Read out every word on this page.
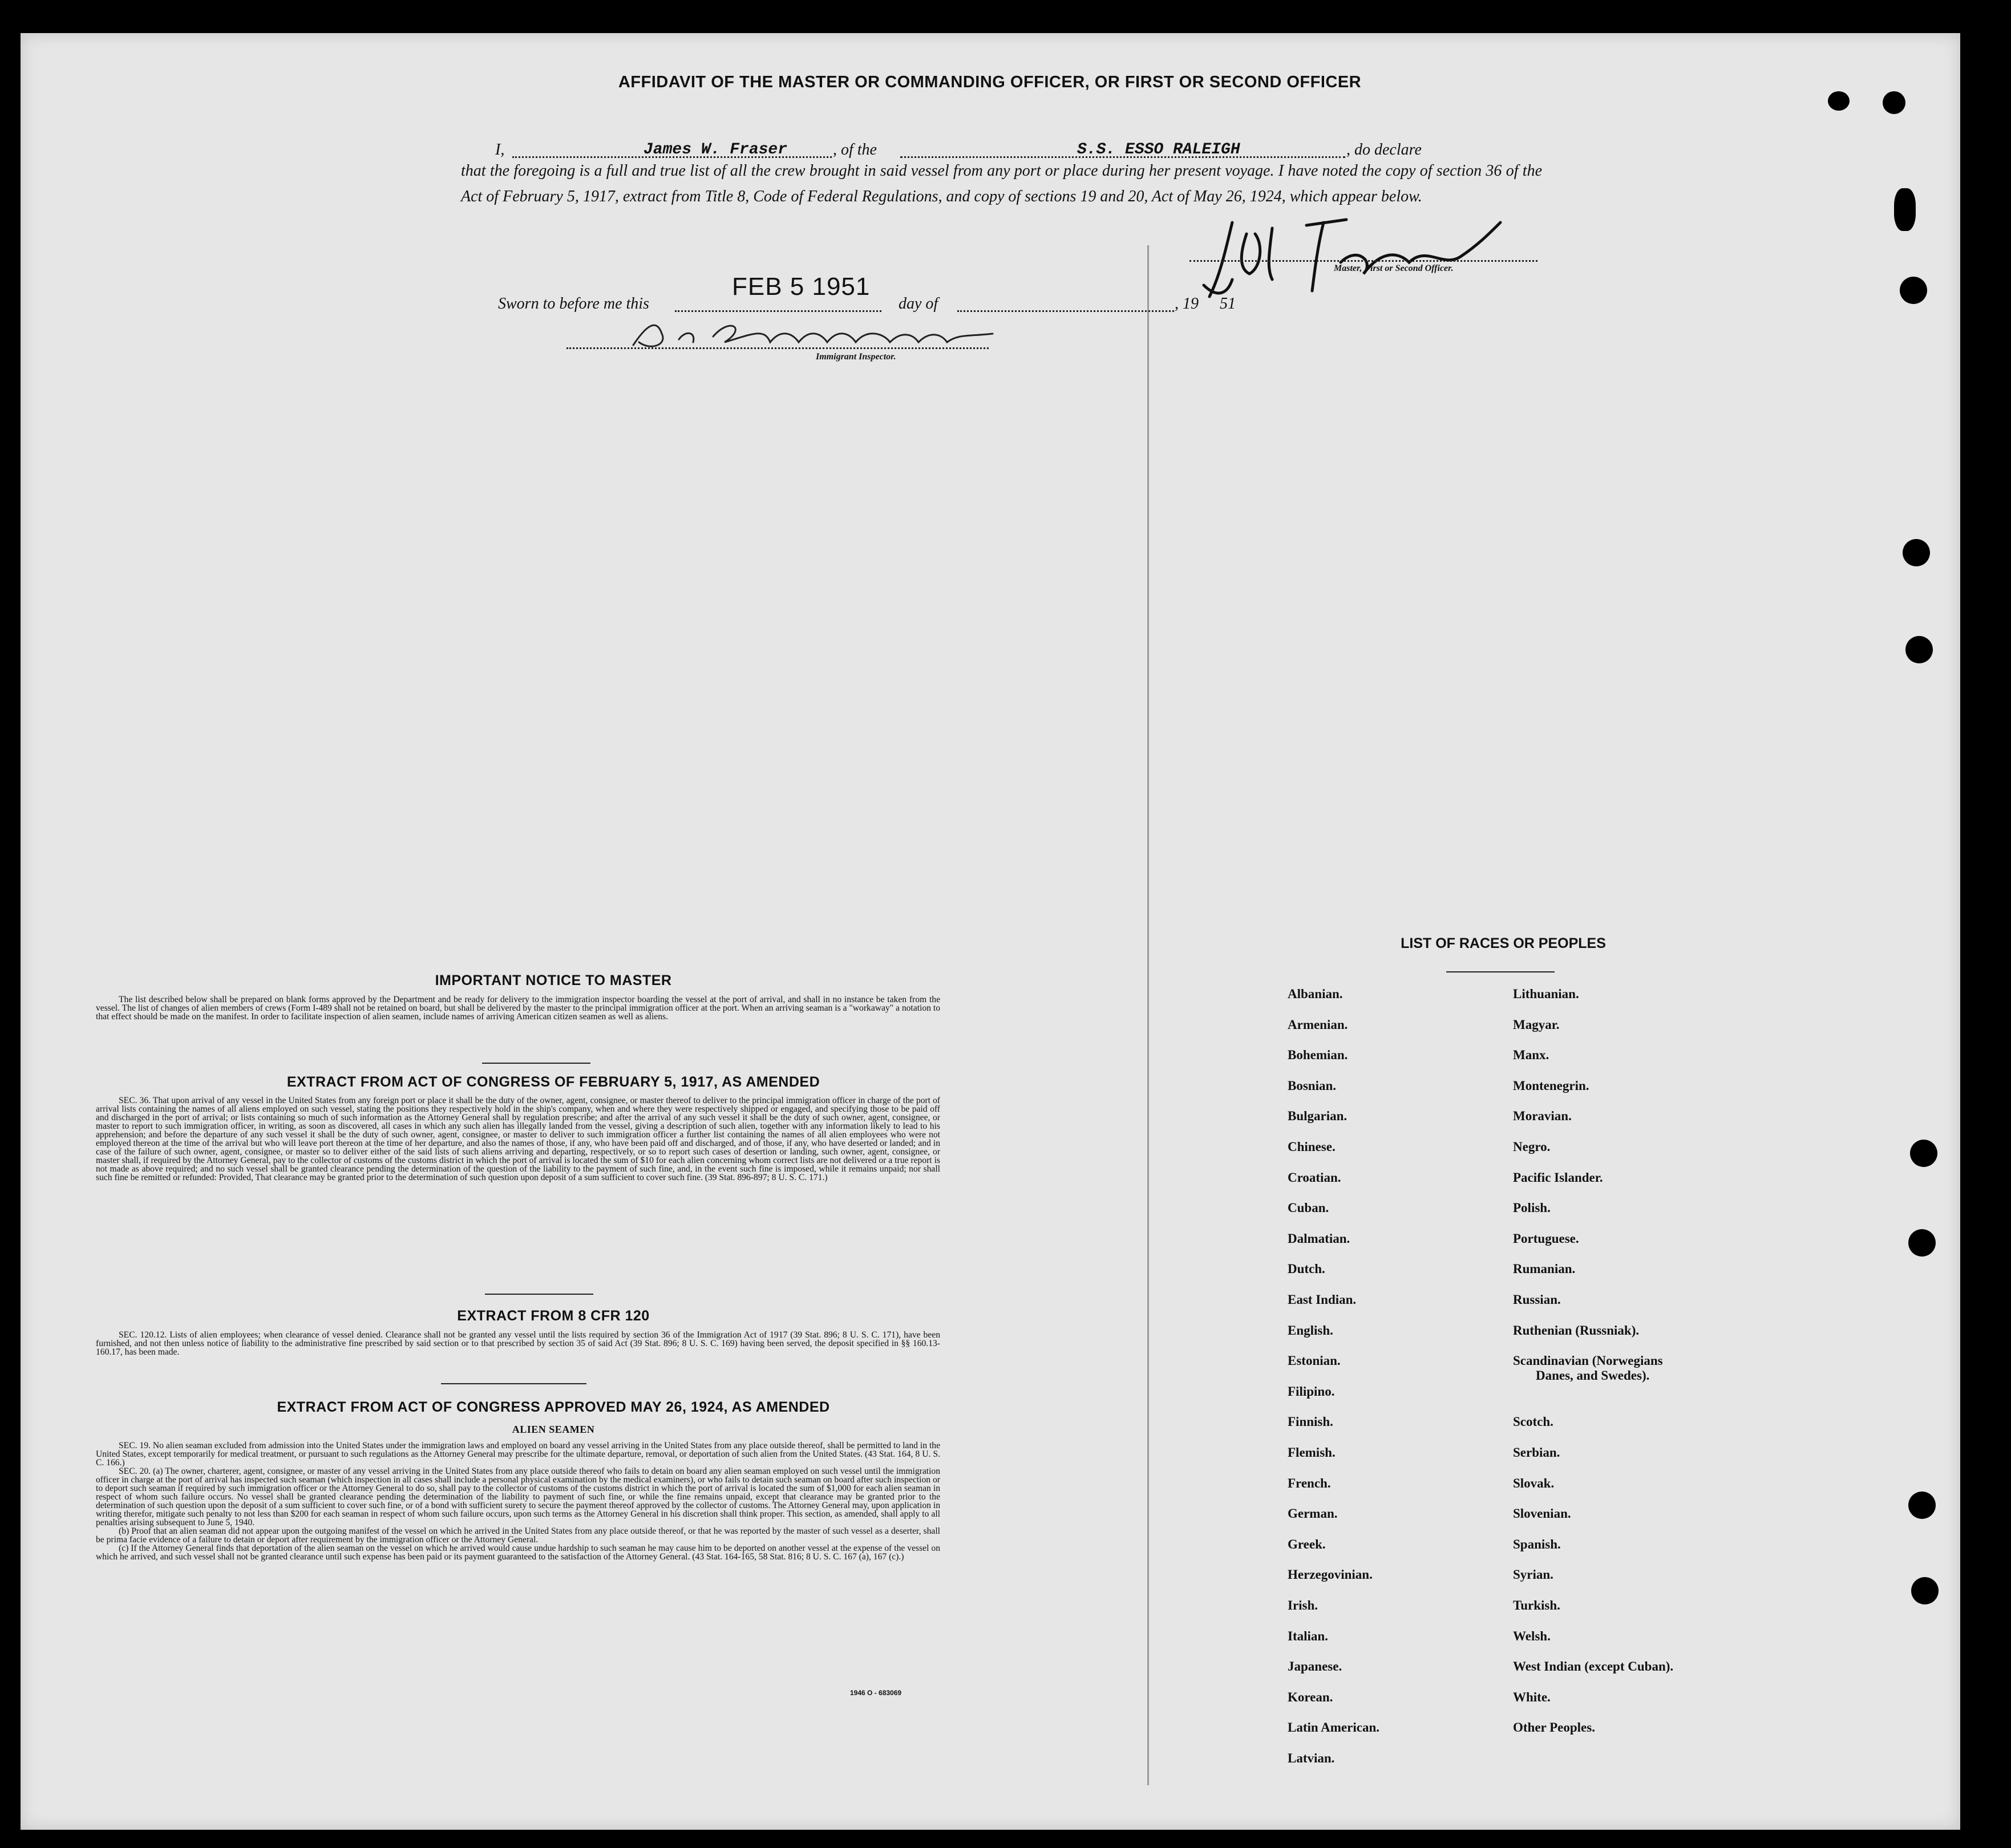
AFFIDAVIT OF THE MASTER OR COMMANDING OFFICER, OR FIRST OR SECOND OFFICER
I,	James W. Fraser	, of the	S.S. ESSO RALEIGH	, do declare

that the foregoing is a full and true list of all the crew brought in said vessel from any port or place during her present voyage. I have noted the copy of section 36 of the Act of February 5, 1917, extract from Title 8, Code of Federal Regulations, and copy of sections 19 and 20, Act of May 26, 1924, which appear below.

Master, First or Second Officer.
Sworn to before me this
FEB 5 1951
day of	, 19 51
Immigrant Inspector.
IMPORTANT NOTICE TO MASTER

The list described below shall be prepared on blank forms approved by the Department and be ready for delivery to the immigration inspector boarding the vessel at the port of arrival, and shall in no instance be taken from the vessel. The list of changes of alien members of crews (Form I-489 shall not be retained on board, but shall be delivered by the master to the principal immigration officer at the port. When an arriving seaman is a "workaway" a notation to that effect should be made on the manifest. In order to facilitate inspection of alien seamen, include names of arriving American citizen seamen as well as aliens.

EXTRACT FROM ACT OF CONGRESS OF FEBRUARY 5, 1917, AS AMENDED

SEC. 36. That upon arrival of any vessel in the United States from any foreign port or place it shall be the duty of the owner, agent, consignee, or master thereof to deliver to the principal immigration officer in charge of the port of arrival lists containing the names of all aliens employed on such vessel, stating the positions they respectively hold in the ship's company, when and where they were respectively shipped or engaged, and specifying those to be paid off and discharged in the port of arrival; or lists containing so much of such information as the Attorney General shall by regulation prescribe; and after the arrival of any such vessel it shall be the duty of such owner, agent, consignee, or master to report to such immigration officer, in writing, as soon as discovered, all cases in which any such alien has illegally landed from the vessel, giving a description of such alien, together with any information likely to lead to his apprehension; and before the departure of any such vessel it shall be the duty of such owner, agent, consignee, or master to deliver to such immigration officer a further list containing the names of all alien employees who were not employed thereon at the time of the arrival but who will leave port thereon at the time of her departure, and also the names of those, if any, who have been paid off and discharged, and of those, if any, who have deserted or landed; and in case of the failure of such owner, agent, consignee, or master so to deliver either of the said lists of such aliens arriving and departing, respectively, or so to report such cases of desertion or landing, such owner, agent, consignee, or master shall, if required by the Attorney General, pay to the collector of customs of the customs district in which the port of arrival is located the sum of $10 for each alien concerning whom correct lists are not delivered or a true report is not made as above required; and no such vessel shall be granted clearance pending the determination of the question of the liability to the payment of such fine, and, in the event such fine is imposed, while it remains unpaid; nor shall such fine be remitted or refunded: Provided, That clearance may be granted prior to the determination of such question upon deposit of a sum sufficient to cover such fine. (39 Stat. 896-897; 8 U. S. C. 171.)

EXTRACT FROM 8 CFR 120

SEC. 120.12. Lists of alien employees; when clearance of vessel denied. Clearance shall not be granted any vessel until the lists required by section 36 of the Immigration Act of 1917 (39 Stat. 896; 8 U. S. C. 171), have been furnished, and not then unless notice of liability to the administrative fine prescribed by said section or to that prescribed by section 35 of said Act (39 Stat. 896; 8 U. S. C. 169) having been served, the deposit specified in §§ 160.13-160.17, has been made.

EXTRACT FROM ACT OF CONGRESS APPROVED MAY 26, 1924, AS AMENDED
ALIEN SEAMEN

SEC. 19. No alien seaman excluded from admission into the United States under the immigration laws and employed on board any vessel arriving in the United States from any place outside thereof, shall be permitted to land in the United States, except temporarily for medical treatment, or pursuant to such regulations as the Attorney General may prescribe for the ultimate departure, removal, or deportation of such alien from the United States. (43 Stat. 164, 8 U. S. C. 166.)

SEC. 20. (a) The owner, charterer, agent, consignee, or master of any vessel arriving in the United States from any place outside thereof who fails to detain on board any alien seaman employed on such vessel until the immigration officer in charge at the port of arrival has inspected such seaman (which inspection in all cases shall include a personal physical examination by the medical examiners), or who fails to detain such seaman on board after such inspection or to deport such seaman if required by such immigration officer or the Attorney General to do so, shall pay to the collector of customs of the customs district in which the port of arrival is located the sum of $1,000 for each alien seaman in respect of whom such failure occurs. No vessel shall be granted clearance pending the determination of the liability to payment of such fine, or while the fine remains unpaid, except that clearance may be granted prior to the determination of such question upon the deposit of a sum sufficient to cover such fine, or of a bond with sufficient surety to secure the payment thereof approved by the collector of customs. The Attorney General may, upon application in writing therefor, mitigate such penalty to not less than $200 for each seaman in respect of whom such failure occurs, upon such terms as the Attorney General in his discretion shall think proper. This section, as amended, shall apply to all penalties arising subsequent to June 5, 1940.

(b) Proof that an alien seaman did not appear upon the outgoing manifest of the vessel on which he arrived in the United States from any place outside thereof, or that he was reported by the master of such vessel as a deserter, shall be prima facie evidence of a failure to detain or deport after requirement by the immigration officer or the Attorney General.

(c) If the Attorney General finds that deportation of the alien seaman on the vessel on which he arrived would cause undue hardship to such seaman he may cause him to be deported on another vessel at the expense of the vessel on which he arrived, and such vessel shall not be granted clearance until such expense has been paid or its payment guaranteed to the satisfaction of the Attorney General. (43 Stat. 164-165, 58 Stat. 816; 8 U. S. C. 167 (a), 167 (c).)

1946 O - 683069
LIST OF RACES OR PEOPLES
Albanian.
Armenian.
Bohemian.
Bosnian.
Bulgarian.
Chinese.
Croatian.
Cuban.
Dalmatian.
Dutch.
East Indian.
English.
Estonian.
Filipino.
Finnish.
Flemish.
French.
German.
Greek.
Herzegovinian.
Irish.
Italian.
Japanese.
Korean.
Latin American.
Latvian.
Lithuanian.
Magyar.
Manx.
Montenegrin.
Moravian.
Negro.
Pacific Islander.
Polish.
Portuguese.
Rumanian.
Russian.
Ruthenian (Russniak).
Scandinavian (Norwegians
Danes, and Swedes).
Scotch.
Serbian.
Slovak.
Slovenian.
Spanish.
Syrian.
Turkish.
Welsh.
West Indian (except Cuban).
White.
Other Peoples.
